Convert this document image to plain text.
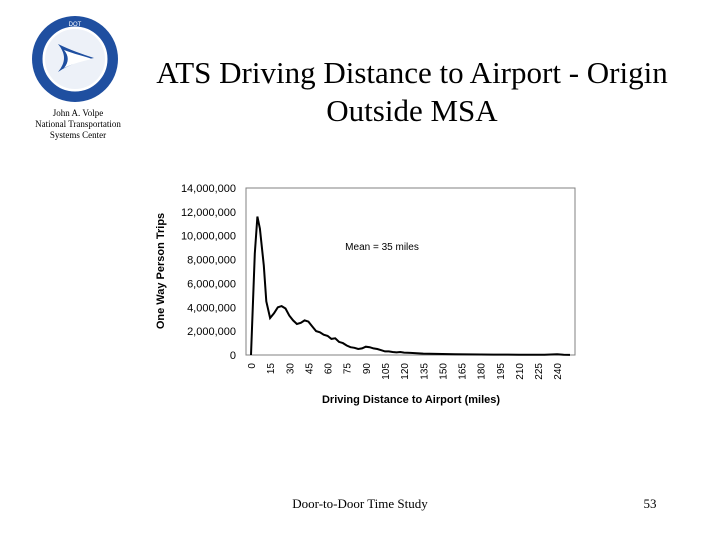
DOT
John A. Volpe
National Transportation
Systems Center
ATS Driving Distance to Airport - Origin
Outside MSA
0
2,000,000
4,000,000
6,000,000
8,000,000
10,000,000
12,000,000
14,000,000
0 15 30 45 60 75 90 105 120 135 150 165 180 195 210 225 240
Mean = 35 miles
Driving Distance to Airport (miles)
One Way Person Trips
Door-to-Door Time Study	53
